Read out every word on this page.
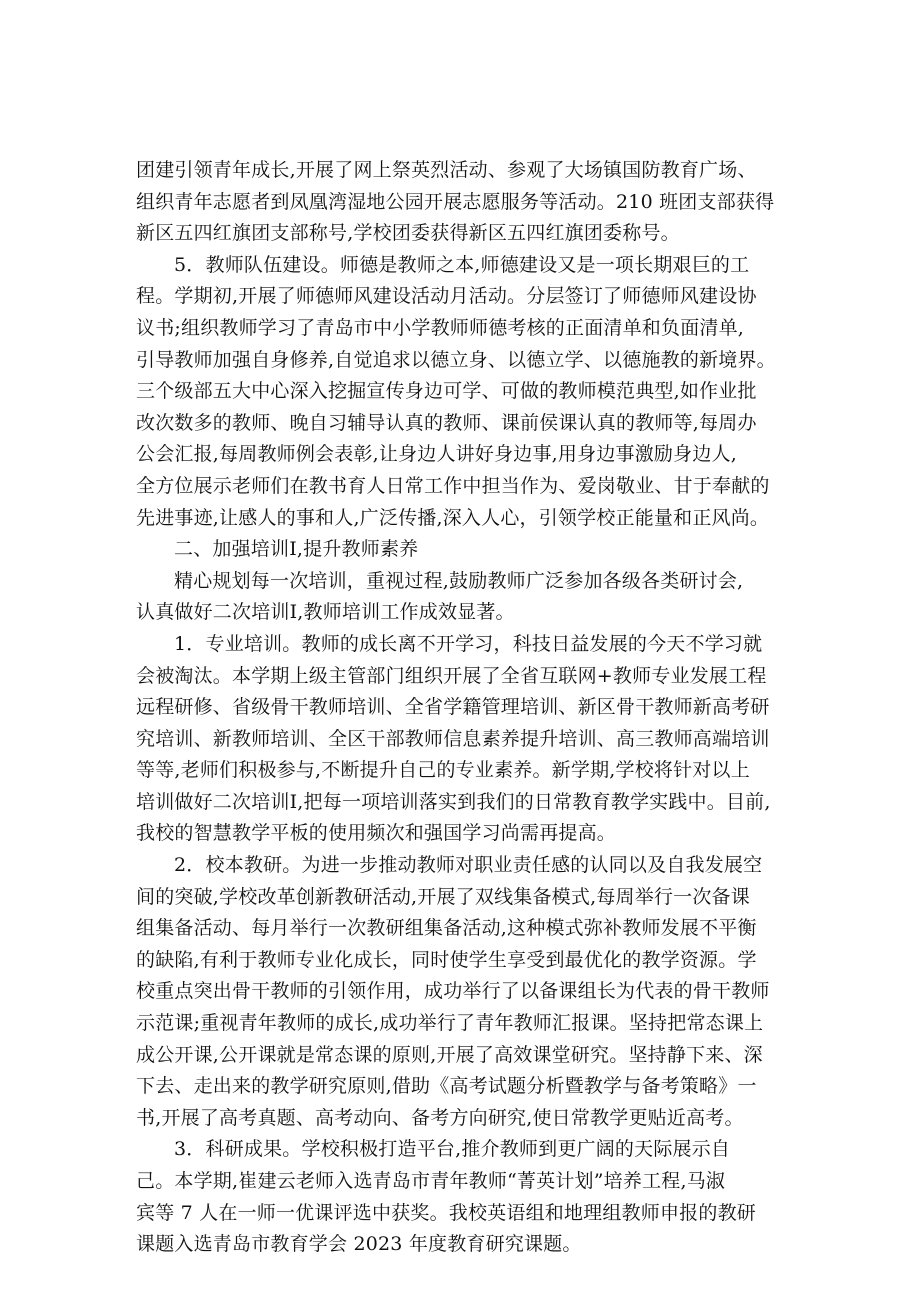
团建引领青年成长,开展了网上祭英烈活动、参观了大场镇国防教育广场、
组织青年志愿者到凤凰湾湿地公园开展志愿服务等活动。210 班团支部获得
新区五四红旗团支部称号,学校团委获得新区五四红旗团委称号。
5．教师队伍建设。师德是教师之本,师德建设又是一项长期艰巨的工
程。学期初,开展了师德师风建设活动月活动。分层签订了师德师风建设协
议书;组织教师学习了青岛市中小学教师师德考核的正面清单和负面清单,
引导教师加强自身修养,自觉追求以德立身、以德立学、以德施教的新境界。
三个级部五大中心深入挖掘宣传身边可学、可做的教师模范典型,如作业批
改次数多的教师、晚自习辅导认真的教师、课前侯课认真的教师等,每周办
公会汇报,每周教师例会表彰,让身边人讲好身边事,用身边事激励身边人,
全方位展示老师们在教书育人日常工作中担当作为、爱岗敬业、甘于奉献的
先进事迹,让感人的事和人,广泛传播,深入人心，引领学校正能量和正风尚。
二、加强培训I,提升教师素养
精心规划每一次培训，重视过程,鼓励教师广泛参加各级各类研讨会,
认真做好二次培训I,教师培训工作成效显著。
1．专业培训。教师的成长离不开学习，科技日益发展的今天不学习就
会被淘汰。本学期上级主管部门组织开展了全省互联网+教师专业发展工程
远程研修、省级骨干教师培训、全省学籍管理培训、新区骨干教师新高考研
究培训、新教师培训、全区干部教师信息素养提升培训、高三教师高端培训
等等,老师们积极参与,不断提升自己的专业素养。新学期,学校将针对以上
培训做好二次培训I,把每一项培训落实到我们的日常教育教学实践中。目前,
我校的智慧教学平板的使用频次和强国学习尚需再提高。
2．校本教研。为进一步推动教师对职业责任感的认同以及自我发展空
间的突破,学校改革创新教研活动,开展了双线集备模式,每周举行一次备课
组集备活动、每月举行一次教研组集备活动,这种模式弥补教师发展不平衡
的缺陷,有利于教师专业化成长，同时使学生享受到最优化的教学资源。学
校重点突出骨干教师的引领作用，成功举行了以备课组长为代表的骨干教师
示范课;重视青年教师的成长,成功举行了青年教师汇报课。坚持把常态课上
成公开课,公开课就是常态课的原则,开展了高效课堂研究。坚持静下来、深
下去、走出来的教学研究原则,借助《高考试题分析暨教学与备考策略》一
书,开展了高考真题、高考动向、备考方向研究,使日常教学更贴近高考。
3．科研成果。学校积极打造平台,推介教师到更广阔的天际展示自
己。本学期,崔建云老师入选青岛市青年教师“菁英计划”培养工程,马淑
宾等 7 人在一师一优课评选中获奖。我校英语组和地理组教师申报的教研
课题入选青岛市教育学会 2023 年度教育研究课题。
